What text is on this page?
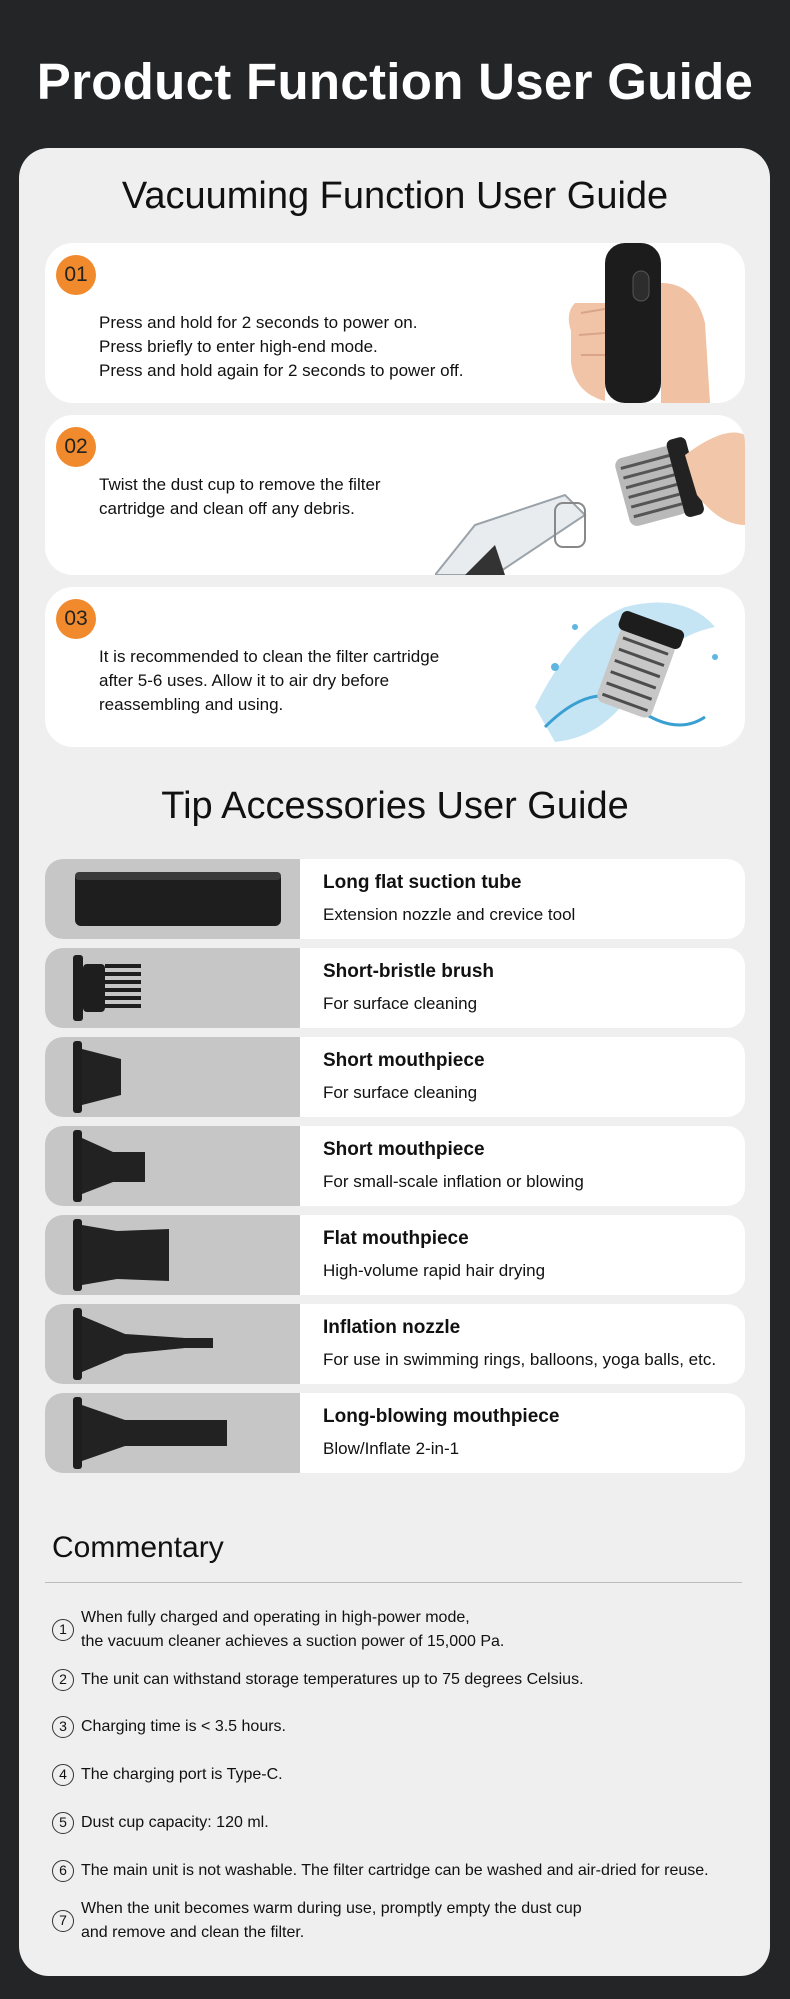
Product Function User Guide
Vacuuming Function User Guide
01
Press and hold for 2 seconds to power on.
Press briefly to enter high-end mode.
Press and hold again for 2 seconds to power off.
02
Twist the dust cup to remove the filter
cartridge and clean off any debris.
03
It is recommended to clean the filter cartridge
after 5-6 uses. Allow it to air dry before
reassembling and using.
Tip Accessories User Guide
Long flat suction tube
Extension nozzle and crevice tool
Short-bristle brush
For surface cleaning
Short mouthpiece
For surface cleaning
Short mouthpiece
For small-scale inflation or blowing
Flat mouthpiece
High-volume rapid hair drying
Inflation nozzle
For use in swimming rings, balloons, yoga balls, etc.
Long-blowing mouthpiece
Blow/Inflate 2-in-1
Commentary
1
When fully charged and operating in high-power mode,
the vacuum cleaner achieves a suction power of 15,000 Pa.
2 The unit can withstand storage temperatures up to 75 degrees Celsius.
3 Charging time is < 3.5 hours.
4 The charging port is Type-C.
5 Dust cup capacity: 120 ml.
6 The main unit is not washable. The filter cartridge can be washed and air-dried for reuse.
7
When the unit becomes warm during use, promptly empty the dust cup
and remove and clean the filter.
